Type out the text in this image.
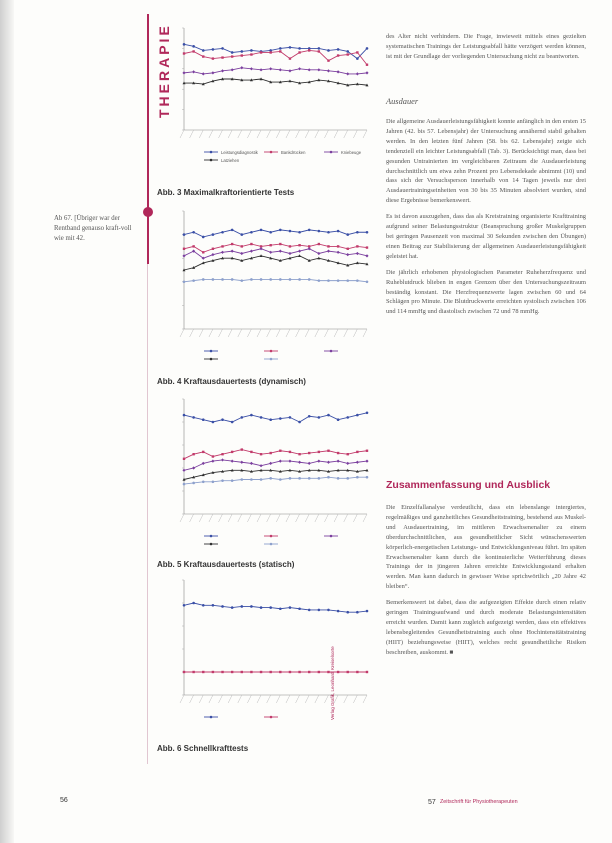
THERAPIE
Ab 67. [Übriger war der Rentband genauso kraft-voll wie mit 42.
Leistungsdiagnostik	Bankdrücken	Kniebeuge
Latziehen
Abb. 3 Maximalkraftorientierte Tests
Abb. 4 Kraftausdauertests (dynamisch)
Abb. 5 Kraftausdauertests (statisch)
Abb. 6 Schnellkrafttests
56	57 Zeitschrift für Physiotherapeuten
Verlag Grafik, Leonhard: Kreiselsorte

des Alter nicht verhindern. Die Frage, inwieweit mittels eines gezielten systematischen Trainings der Leistungsabfall hätte verzögert werden können, ist mit der Grundlage der vorliegenden Untersuchung nicht zu beantworten.

Ausdauer

Die allgemeine Ausdauerleistungsfähigkeit konnte anfänglich in den ersten 15 Jahren (42. bis 57. Lebensjahr) der Untersuchung annähernd stabil gehalten werden. In den letzten fünf Jahren (58. bis 62. Lebensjahr) zeigte sich tendenziell ein leichter Leistungsabfall (Tab. 3). Berücksichtigt man, dass bei gesunden Untrainierten im vergleichbaren Zeitraum die Ausdauerleistung durchschnittlich um etwa zehn Prozent pro Lebensdekade abnimmt (10) und dass sich der Versuchsperson innerhalb von 14 Tagen jeweils nur drei Ausdauertrainingseinheiten von 30 bis 35 Minuten absolviert wurden, sind diese Ergebnisse bemerkenswert.

Es ist davon auszugehen, dass das als Kreistraining organisierte Krafttraining aufgrund seiner Belastungsstruktur (Beanspruchung großer Muskelgruppen bei geringen Pausenzeit von maximal 30 Sekunden zwischen den Übungen) einen Beitrag zur Stabilisierung der allgemeinen Ausdauerleistungsfähigkeit geleistet hat.

Die jährlich erhobenen physiologischen Parameter Ruheherzfrequenz und Ruheblutdruck blieben in engen Grenzen über den Untersuchungszeitraum beständig konstant. Die Herzfrequenzwerte lagen zwischen 60 und 64 Schlägen pro Minute. Die Blutdruckwerte erreichten systolisch zwischen 106 und 114 mmHg und diastolisch zwischen 72 und 78 mmHg.

Zusammenfassung und Ausblick

Die Einzelfallanalyse verdeutlicht, dass ein lebenslange intergiertes, regelmäßiges und ganzheitliches Gesundheitstraining, bestehend aus Muskel- und Ausdauertraining, im mittleren Erwachsenenalter zu einem überdurchschnittlichen, aus gesundheitlicher Sicht wünschenswerten körperlich-energetischen Leistungs- und Entwicklungsniveau führt. Im späten Erwachsenenalter kann durch die kontinuierliche Weiterführung dieses Trainings der in jüngeren Jahren erreichte Entwicklungsstand erhalten werden. Man kann dadurch in gewisser Weise sprichwörtlich „20 Jahre 42 bleiben“.

Bemerkenswert ist dabei, dass die aufgezeigten Effekte durch einen relativ geringen Trainingsaufwand und durch moderate Belastungsintensitäten erreicht wurden. Damit kann zugleich aufgezeigt werden, dass ein effektives lebensbegleitendes Gesundheitstraining auch ohne Hochintensitätstraining (HIIT) beziehungsweise (HIIT), welches recht gesundheitliche Risiken beschreiben, auskommt. ■
